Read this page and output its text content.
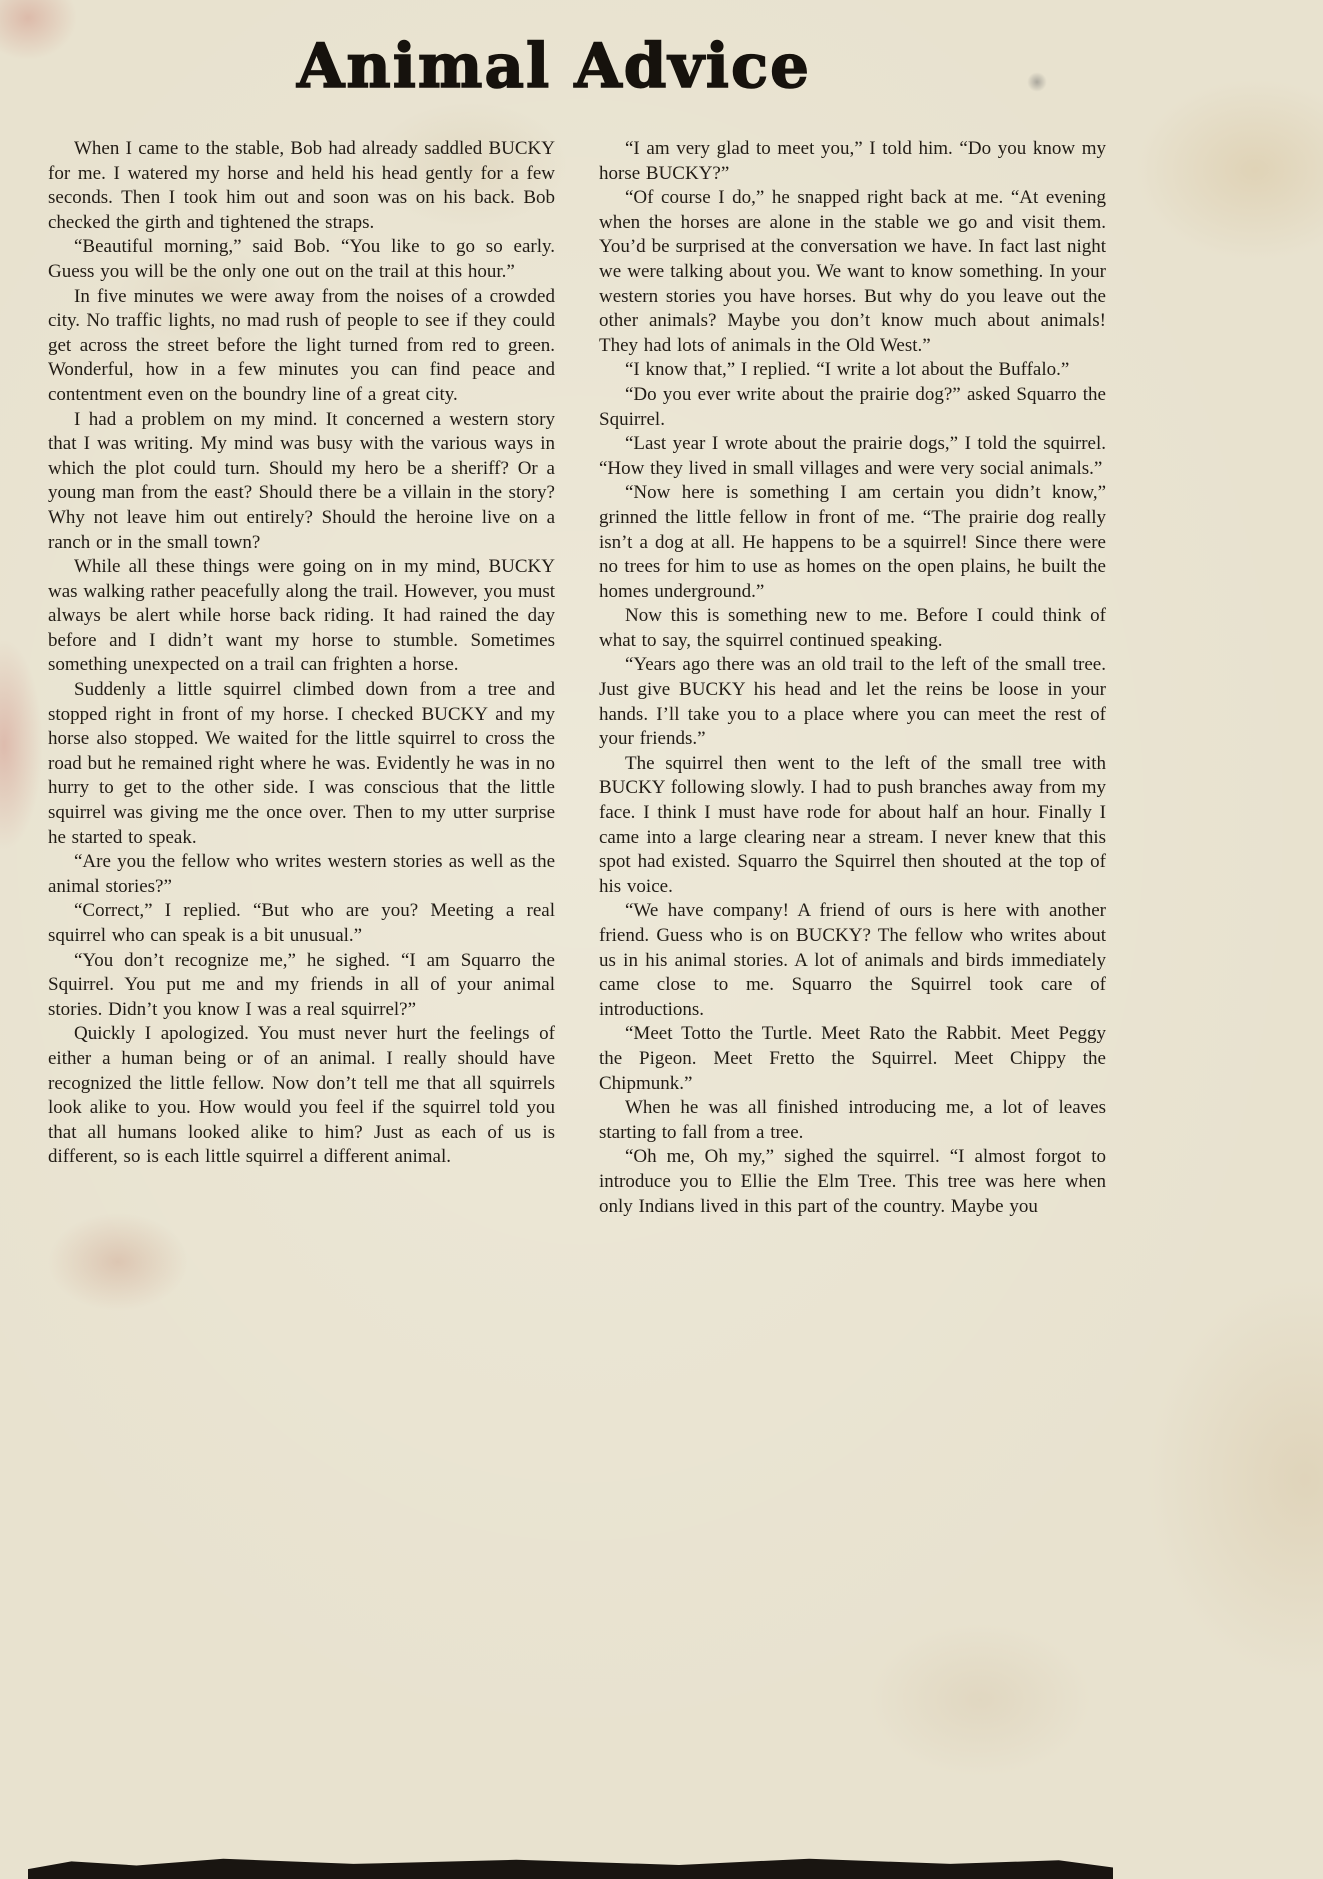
Animal Advice

When I came to the stable, Bob had already saddled BUCKY for me. I watered my horse and held his head gently for a few seconds. Then I took him out and soon was on his back. Bob checked the girth and tightened the straps.

“Beautiful morning,” said Bob. “You like to go so early. Guess you will be the only one out on the trail at this hour.”

In five minutes we were away from the noises of a crowded city. No traffic lights, no mad rush of people to see if they could get across the street before the light turned from red to green. Wonderful, how in a few minutes you can find peace and contentment even on the boundry line of a great city.

I had a problem on my mind. It concerned a western story that I was writing. My mind was busy with the various ways in which the plot could turn. Should my hero be a sheriff? Or a young man from the east? Should there be a villain in the story? Why not leave him out entirely? Should the heroine live on a ranch or in the small town?

While all these things were going on in my mind, BUCKY was walking rather peacefully along the trail. However, you must always be alert while horse back riding. It had rained the day before and I didn’t want my horse to stumble. Sometimes something unexpected on a trail can frighten a horse.

Suddenly a little squirrel climbed down from a tree and stopped right in front of my horse. I checked BUCKY and my horse also stopped. We waited for the little squirrel to cross the road but he remained right where he was. Evidently he was in no hurry to get to the other side. I was conscious that the little squirrel was giving me the once over. Then to my utter surprise he started to speak.

“Are you the fellow who writes western stories as well as the animal stories?”

“Correct,” I replied. “But who are you? Meeting a real squirrel who can speak is a bit unusual.”

“You don’t recognize me,” he sighed. “I am Squarro the Squirrel. You put me and my friends in all of your animal stories. Didn’t you know I was a real squirrel?”

Quickly I apologized. You must never hurt the feelings of either a human being or of an animal. I really should have recognized the little fellow. Now don’t tell me that all squirrels look alike to you. How would you feel if the squirrel told you that all humans looked alike to him? Just as each of us is different, so is each little squirrel a different animal.

“I am very glad to meet you,” I told him. “Do you know my horse BUCKY?”

“Of course I do,” he snapped right back at me. “At evening when the horses are alone in the stable we go and visit them. You’d be surprised at the conversation we have. In fact last night we were talking about you. We want to know something. In your western stories you have horses. But why do you leave out the other animals? Maybe you don’t know much about animals! They had lots of animals in the Old West.”

“I know that,” I replied. “I write a lot about the Buffalo.”

“Do you ever write about the prairie dog?” asked Squarro the Squirrel.

“Last year I wrote about the prairie dogs,” I told the squirrel. “How they lived in small villages and were very social animals.”

“Now here is something I am certain you didn’t know,” grinned the little fellow in front of me. “The prairie dog really isn’t a dog at all. He happens to be a squirrel! Since there were no trees for him to use as homes on the open plains, he built the homes underground.”

Now this is something new to me. Before I could think of what to say, the squirrel continued speaking.

“Years ago there was an old trail to the left of the small tree. Just give BUCKY his head and let the reins be loose in your hands. I’ll take you to a place where you can meet the rest of your friends.”

The squirrel then went to the left of the small tree with BUCKY following slowly. I had to push branches away from my face. I think I must have rode for about half an hour. Finally I came into a large clearing near a stream. I never knew that this spot had existed. Squarro the Squirrel then shouted at the top of his voice.

“We have company! A friend of ours is here with another friend. Guess who is on BUCKY? The fellow who writes about us in his animal stories. A lot of animals and birds immediately came close to me. Squarro the Squirrel took care of introductions.

“Meet Totto the Turtle. Meet Rato the Rabbit. Meet Peggy the Pigeon. Meet Fretto the Squirrel. Meet Chippy the Chipmunk.”

When he was all finished introducing me, a lot of leaves starting to fall from a tree.

“Oh me, Oh my,” sighed the squirrel. “I almost forgot to introduce you to Ellie the Elm Tree. This tree was here when only Indians lived in this part of the country. Maybe you
